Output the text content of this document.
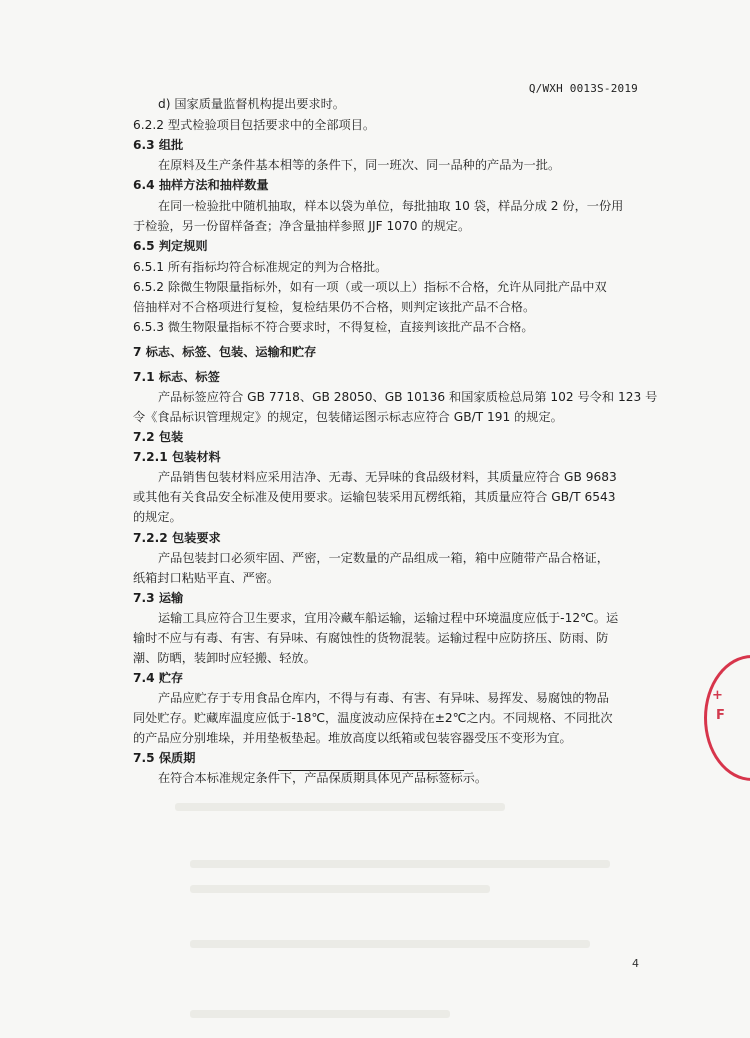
Q/WXH 0013S-2019
d) 国家质量监督机构提出要求时。
6.2.2 型式检验项目包括要求中的全部项目。
6.3 组批
在原料及生产条件基本相等的条件下，同一班次、同一品种的产品为一批。
6.4 抽样方法和抽样数量
在同一检验批中随机抽取，样本以袋为单位，每批抽取 10 袋，样品分成 2 份，一份用
于检验，另一份留样备查；净含量抽样参照 JJF 1070 的规定。
6.5 判定规则
6.5.1 所有指标均符合标准规定的判为合格批。
6.5.2 除微生物限量指标外，如有一项（或一项以上）指标不合格，允许从同批产品中双
倍抽样对不合格项进行复检，复检结果仍不合格，则判定该批产品不合格。
6.5.3 微生物限量指标不符合要求时，不得复检，直接判该批产品不合格。
7 标志、标签、包装、运输和贮存
7.1 标志、标签
产品标签应符合 GB 7718、GB 28050、GB 10136 和国家质检总局第 102 号令和 123 号
令《食品标识管理规定》的规定，包装储运图示标志应符合 GB/T 191 的规定。
7.2 包装
7.2.1 包装材料
产品销售包装材料应采用洁净、无毒、无异味的食品级材料，其质量应符合 GB 9683
或其他有关食品安全标准及使用要求。运输包装采用瓦楞纸箱，其质量应符合 GB/T 6543
的规定。
7.2.2 包装要求
产品包装封口必须牢固、严密，一定数量的产品组成一箱，箱中应随带产品合格证，
纸箱封口粘贴平直、严密。
7.3 运输
运输工具应符合卫生要求，宜用冷藏车船运输，运输过程中环境温度应低于-12℃。运
输时不应与有毒、有害、有异味、有腐蚀性的货物混装。运输过程中应防挤压、防雨、防
潮、防晒，装卸时应轻搬、轻放。
7.4 贮存
产品应贮存于专用食品仓库内，不得与有毒、有害、有异味、易挥发、易腐蚀的物品
同处贮存。贮藏库温度应低于-18℃，温度波动应保持在±2℃之内。不同规格、不同批次
的产品应分别堆垛，并用垫板垫起。堆放高度以纸箱或包装容器受压不变形为宜。
7.5 保质期
在符合本标准规定条件下，产品保质期具体见产品标签标示。
+
F
4
